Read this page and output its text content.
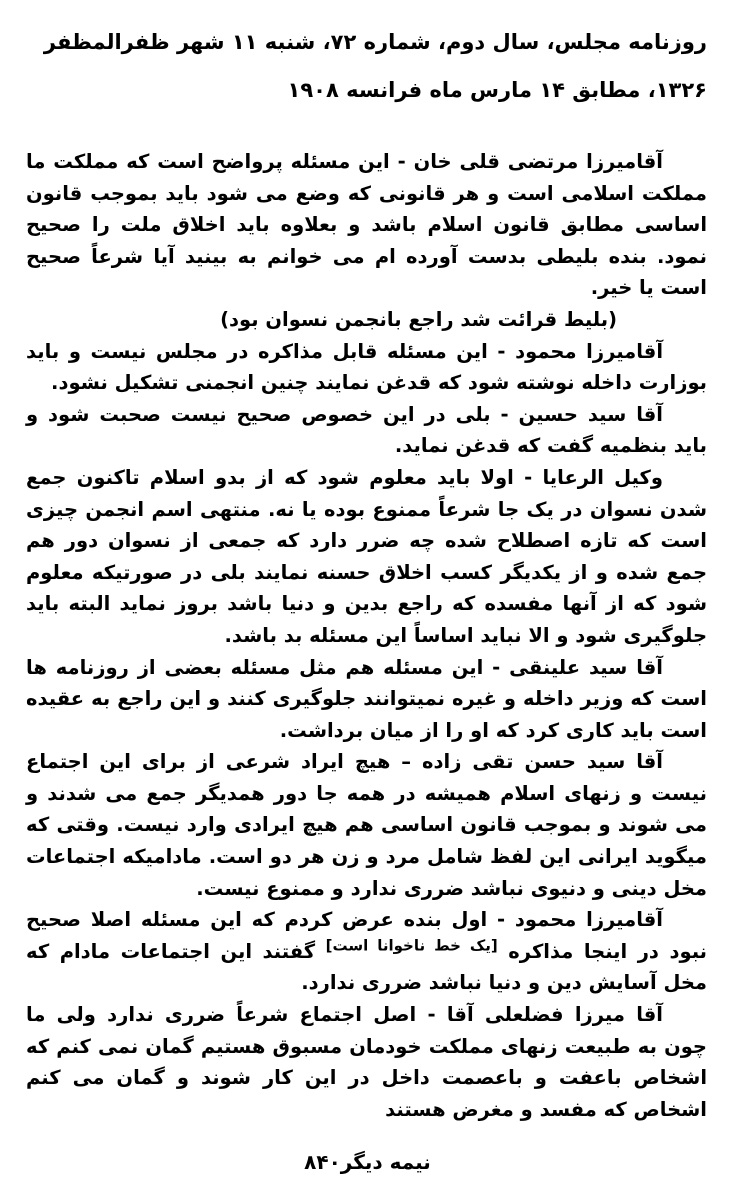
روزنامه مجلس، سال دوم، شماره ۷۲، شنبه ۱۱ شهر ظفرالمظفر ۱۳۲۶، مطابق ۱۴ مارس ماه فرانسه ۱۹۰۸

آقامیرزا مرتضی قلی خان - این مسئله پرواضح است که مملکت ما مملکت اسلامی است و هر قانونی که وضع می شود باید بموجب قانون اساسی مطابق قانون اسلام باشد و بعلاوه باید اخلاق ملت را صحیح نمود. بنده بلیطی بدست آورده ام می خوانم به بینید آیا شرعاً صحیح است یا خیر.

(بلیط قرائت شد راجع بانجمن نسوان بود)

آقامیرزا محمود - این مسئله قابل مذاکره در مجلس نیست و باید بوزارت داخله نوشته شود که قدغن نمایند چنین انجمنی تشکیل نشود.

آقا سید حسین - بلی در این خصوص صحیح نیست صحبت شود و باید بنظمیه گفت که قدغن نماید.

وکیل الرعایا - اولا باید معلوم شود که از بدو اسلام تاکنون جمع شدن نسوان در یک جا شرعاً ممنوع بوده یا نه. منتهی اسم انجمن چیزی است که تازه اصطلاح شده چه ضرر دارد که جمعی از نسوان دور هم جمع شده و از یکدیگر کسب اخلاق حسنه نمایند بلی در صورتیکه معلوم شود که از آنها مفسده که راجع بدین و دنیا باشد بروز نماید البته باید جلوگیری شود و الا نباید اساساً این مسئله بد باشد.

آقا سید علینقی - این مسئله هم مثل مسئله بعضی از روزنامه ها است که وزیر داخله و غیره نمیتوانند جلوگیری کنند و این راجع به عقیده است باید کاری کرد که او را از میان برداشت.

آقا سید حسن تقی زاده – هیچ ایراد شرعی از برای این اجتماع نیست و زنهای اسلام همیشه در همه جا دور همدیگر جمع می شدند و می شوند و بموجب قانون اساسی هم هیچ ایرادی وارد نیست. وقتی که میگوید ایرانی این لفظ شامل مرد و زن هر دو است. مادامیکه اجتماعات مخل دینی و دنیوی نباشد ضرری ندارد و ممنوع نیست.

آقامیرزا محمود - اول بنده عرض کردم که این مسئله اصلا صحیح نبود در اینجا مذاکره [یک خط ناخوانا است] گفتند این اجتماعات مادام که مخل آسایش دین و دنیا نباشد ضرری ندارد.

آقا میرزا فضلعلی آقا - اصل اجتماع شرعاً ضرری ندارد ولی ما چون به طبیعت زنهای مملکت خودمان مسبوق هستیم گمان نمی کنم که اشخاص باعفت و باعصمت داخل در این کار شوند و گمان می کنم اشخاص که مفسد و مغرض هستند

نیمه دیگر۸۴۰
